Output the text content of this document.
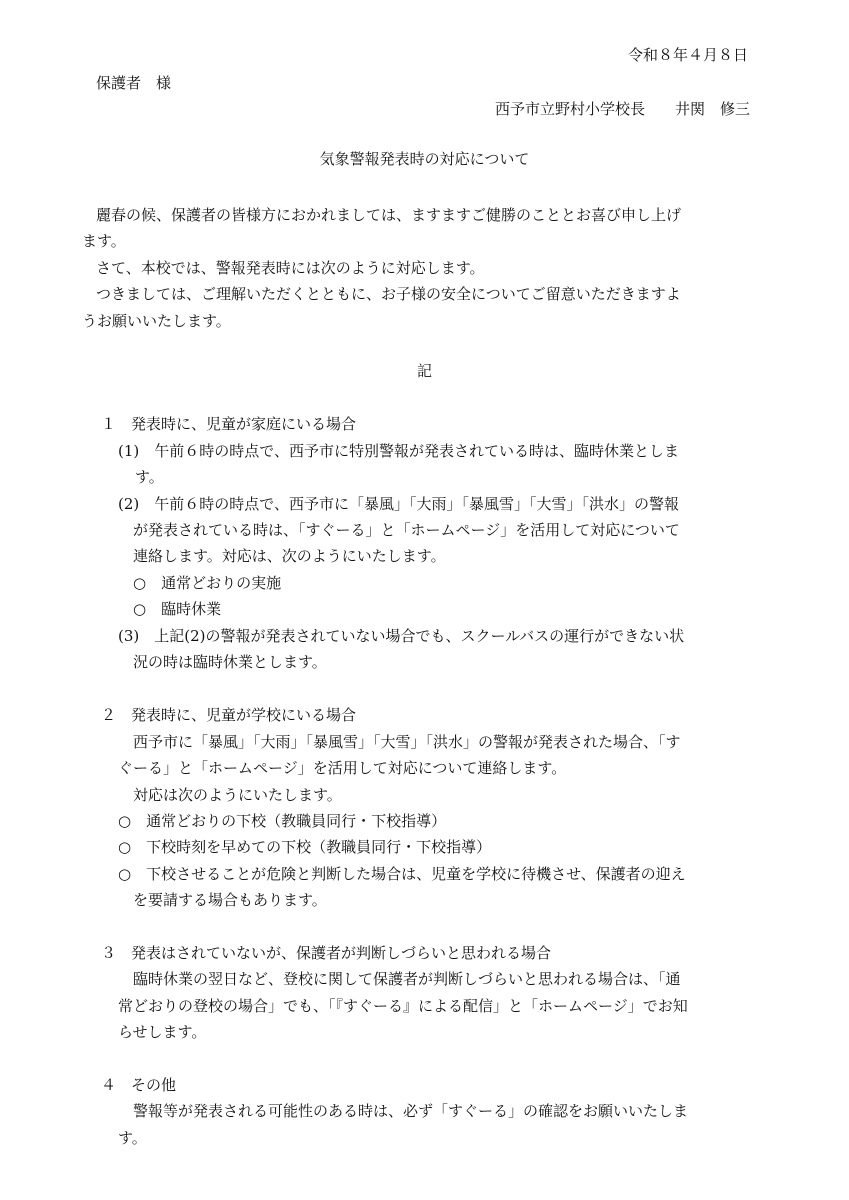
令和８年４月８日
保護者　様
西予市立野村小学校長　　井関　修三
気象警報発表時の対応について
麗春の候、保護者の皆様方におかれましては、ますますご健勝のこととお喜び申し上げ
ます。
さて、本校では、警報発表時には次のように対応します。
つきましては、ご理解いただくとともに、お子様の安全についてご留意いただきますよ
うお願いいたします。
記
１　発表時に、児童が家庭にいる場合
(1)　午前６時の時点で、西予市に特別警報が発表されている時は、臨時休業としま
す。
(2)　午前６時の時点で、西予市に「暴風」「大雨」「暴風雪」「大雪」「洪水」の警報
が発表されている時は、「すぐーる」と「ホームページ」を活用して対応について
連絡します。対応は、次のようにいたします。
○　通常どおりの実施
○　臨時休業
(3)　上記(2)の警報が発表されていない場合でも、スクールバスの運行ができない状
況の時は臨時休業とします。
２　発表時に、児童が学校にいる場合
西予市に「暴風」「大雨」「暴風雪」「大雪」「洪水」の警報が発表された場合、「す
ぐーる」と「ホームページ」を活用して対応について連絡します。
対応は次のようにいたします。
○　通常どおりの下校（教職員同行・下校指導）
○　下校時刻を早めての下校（教職員同行・下校指導）
○　下校させることが危険と判断した場合は、児童を学校に待機させ、保護者の迎え
を要請する場合もあります。
３　発表はされていないが、保護者が判断しづらいと思われる場合
臨時休業の翌日など、登校に関して保護者が判断しづらいと思われる場合は、「通
常どおりの登校の場合」でも、「『すぐーる』による配信」と「ホームページ」でお知
らせします。
４　その他
警報等が発表される可能性のある時は、必ず「すぐーる」の確認をお願いいたしま
す。
